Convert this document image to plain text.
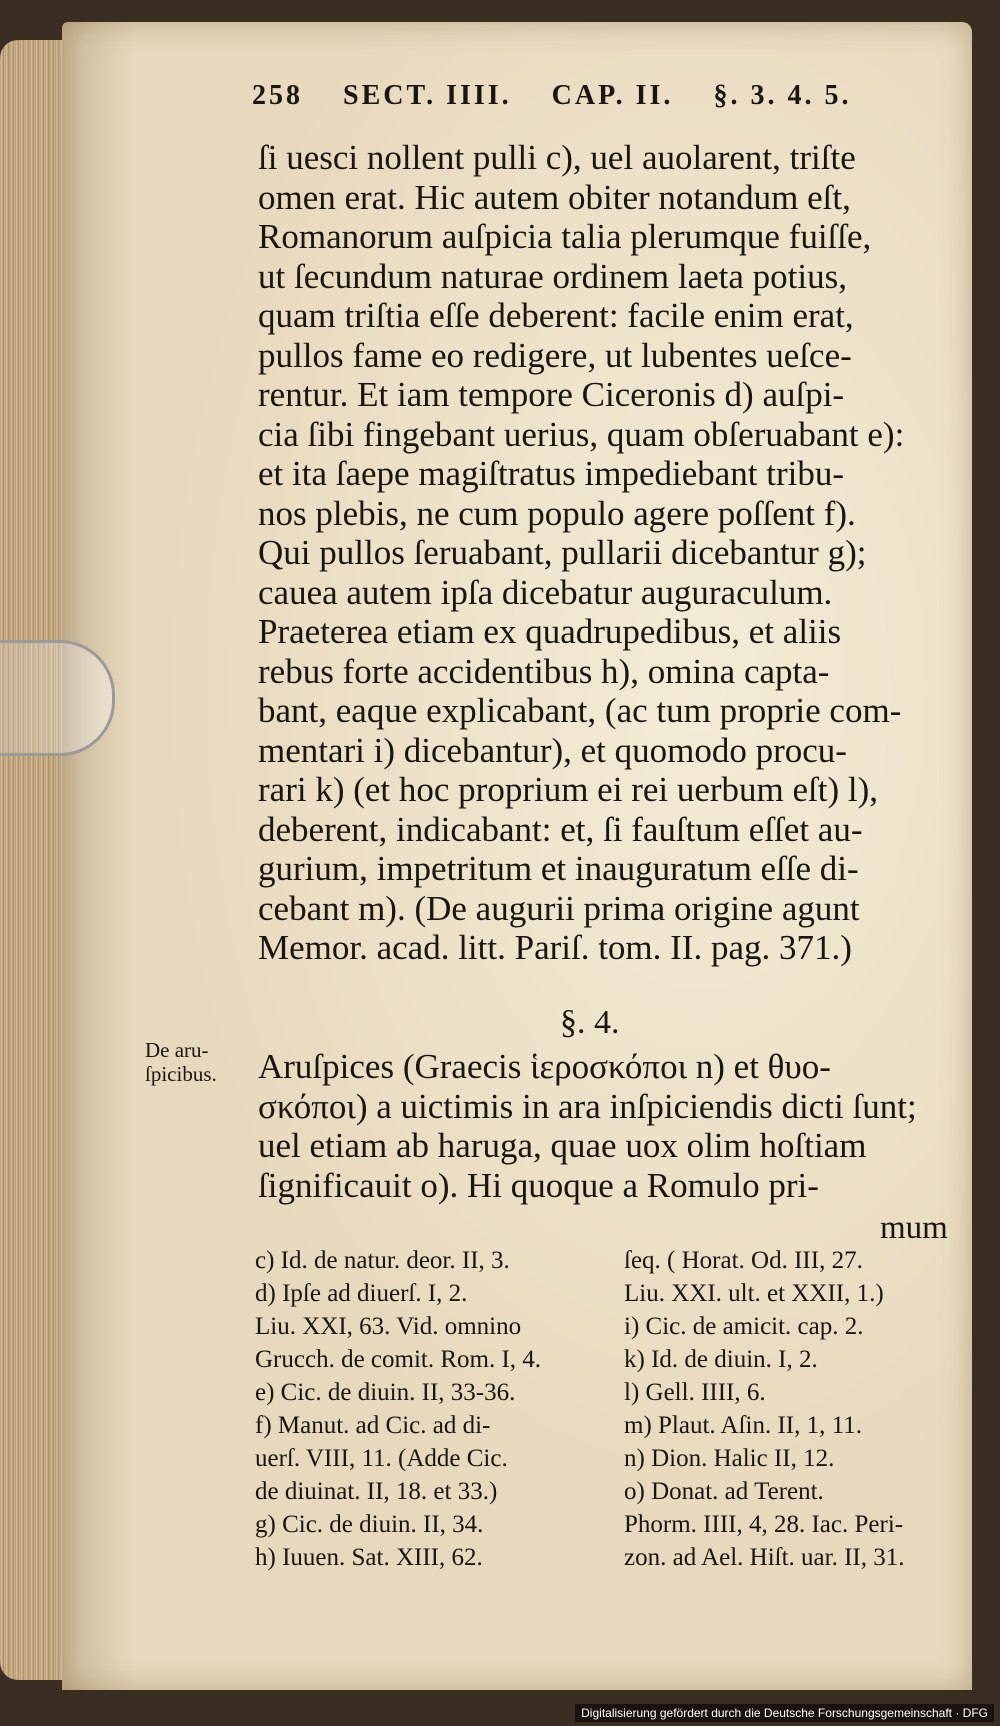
258 SECT. IIII. CAP. II. §. 3. 4. 5.
ſi uesci nollent pulli c), uel auolarent, triſte
omen erat. Hic autem obiter notandum eſt,
Romanorum auſpicia talia plerumque fuiſſe,
ut ſecundum naturae ordinem laeta potius,
quam triſtia eſſe deberent: facile enim erat,
pullos fame eo redigere, ut lubentes ueſce-
rentur. Et iam tempore Ciceronis d) auſpi-
cia ſibi fingebant uerius, quam obſeruabant e):
et ita ſaepe magiſtratus impediebant tribu-
nos plebis, ne cum populo agere poſſent f).
Qui pullos ſeruabant, pullarii dicebantur g);
cauea autem ipſa dicebatur auguraculum.
Praeterea etiam ex quadrupedibus, et aliis
rebus forte accidentibus h), omina capta-
bant, eaque explicabant, (ac tum proprie com-
mentari i) dicebantur), et quomodo procu-
rari k) (et hoc proprium ei rei uerbum eſt) l),
deberent, indicabant: et, ſi fauſtum eſſet au-
gurium, impetritum et inauguratum eſſe di-
cebant m). (De augurii prima origine agunt
Memor. acad. litt. Pariſ. tom. II. pag. 371.)
§. 4.
De aru-ſpicibus.	Aruſpices (Graecis ἱεροσκόποι n) et θυο-
σκόποι) a uictimis in ara inſpiciendis dicti ſunt;
uel etiam ab haruga, quae uox olim hoſtiam
ſignificauit o). Hi quoque a Romulo pri-
mum
c) Id. de natur. deor. II, 3.
d) Ipſe ad diuerſ. I, 2.
Liu. XXI, 63. Vid. omnino
Grucch. de comit. Rom. I, 4.
e) Cic. de diuin. II, 33-36.
f) Manut. ad Cic. ad di-
uerſ. VIII, 11. (Adde Cic.
de diuinat. II, 18. et 33.)
g) Cic. de diuin. II, 34.
h) Iuuen. Sat. XIII, 62.
ſeq. ( Horat. Od. III, 27.
Liu. XXI. ult. et XXII, 1.)
i) Cic. de amicit. cap. 2.
k) Id. de diuin. I, 2.
l) Gell. IIII, 6.
m) Plaut. Aſin. II, 1, 11.
n) Dion. Halic II, 12.
o) Donat. ad Terent.
Phorm. IIII, 4, 28. Iac. Peri-
zon. ad Ael. Hiſt. uar. II, 31.
Digitalisierung gefördert durch die Deutsche Forschungsgemeinschaft · DFG
